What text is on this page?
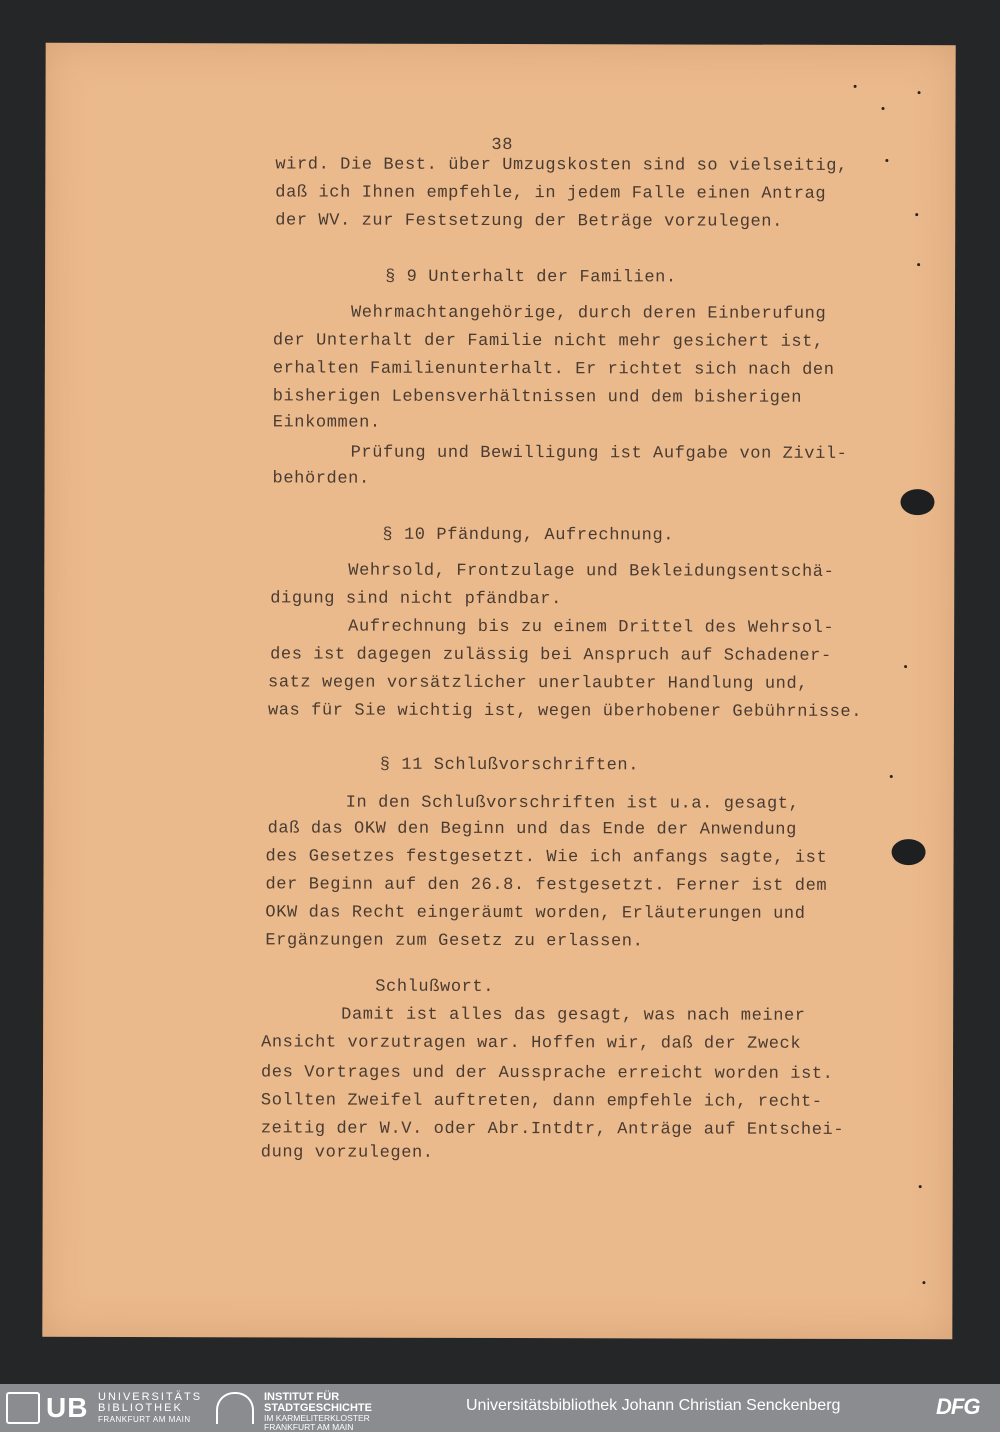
38
wird. Die Best. über Umzugskosten sind so vielseitig,
daß ich Ihnen empfehle, in jedem Falle einen Antrag
der WV. zur Festsetzung der Beträge vorzulegen.
§ 9 Unterhalt der Familien.
Wehrmachtangehörige, durch deren Einberufung
der Unterhalt der Familie nicht mehr gesichert ist,
erhalten Familienunterhalt. Er richtet sich nach den
bisherigen Lebensverhältnissen und dem bisherigen
Einkommen.
Prüfung und Bewilligung ist Aufgabe von Zivil-
behörden.
§ 10 Pfändung, Aufrechnung.
Wehrsold, Frontzulage und Bekleidungsentschä-
digung sind nicht pfändbar.
Aufrechnung bis zu einem Drittel des Wehrsol-
des ist dagegen zulässig bei Anspruch auf Schadener-
satz wegen vorsätzlicher unerlaubter Handlung und,
was für Sie wichtig ist, wegen überhobener Gebührnisse.
§ 11 Schlußvorschriften.
In den Schlußvorschriften ist u.a. gesagt,
daß das OKW den Beginn und das Ende der Anwendung
des Gesetzes festgesetzt. Wie ich anfangs sagte, ist
der Beginn auf den 26.8. festgesetzt. Ferner ist dem
OKW das Recht eingeräumt worden, Erläuterungen und
Ergänzungen zum Gesetz zu erlassen.
Schlußwort.
Damit ist alles das gesagt, was nach meiner
Ansicht vorzutragen war. Hoffen wir, daß der Zweck
des Vortrages und der Aussprache erreicht worden ist.
Sollten Zweifel auftreten, dann empfehle ich, recht-
zeitig der W.V. oder Abr.Intdtr, Anträge auf Entschei-
dung vorzulegen.
UB UNIVERSITÄTS
BIBLIOTHEK
FRANKFURT AM MAIN
INSTITUT FÜR
STADTGESCHICHTE
IM KARMELITERKLOSTER
FRANKFURT AM MAIN
Universitätsbibliothek Johann Christian Senckenberg	DFG
